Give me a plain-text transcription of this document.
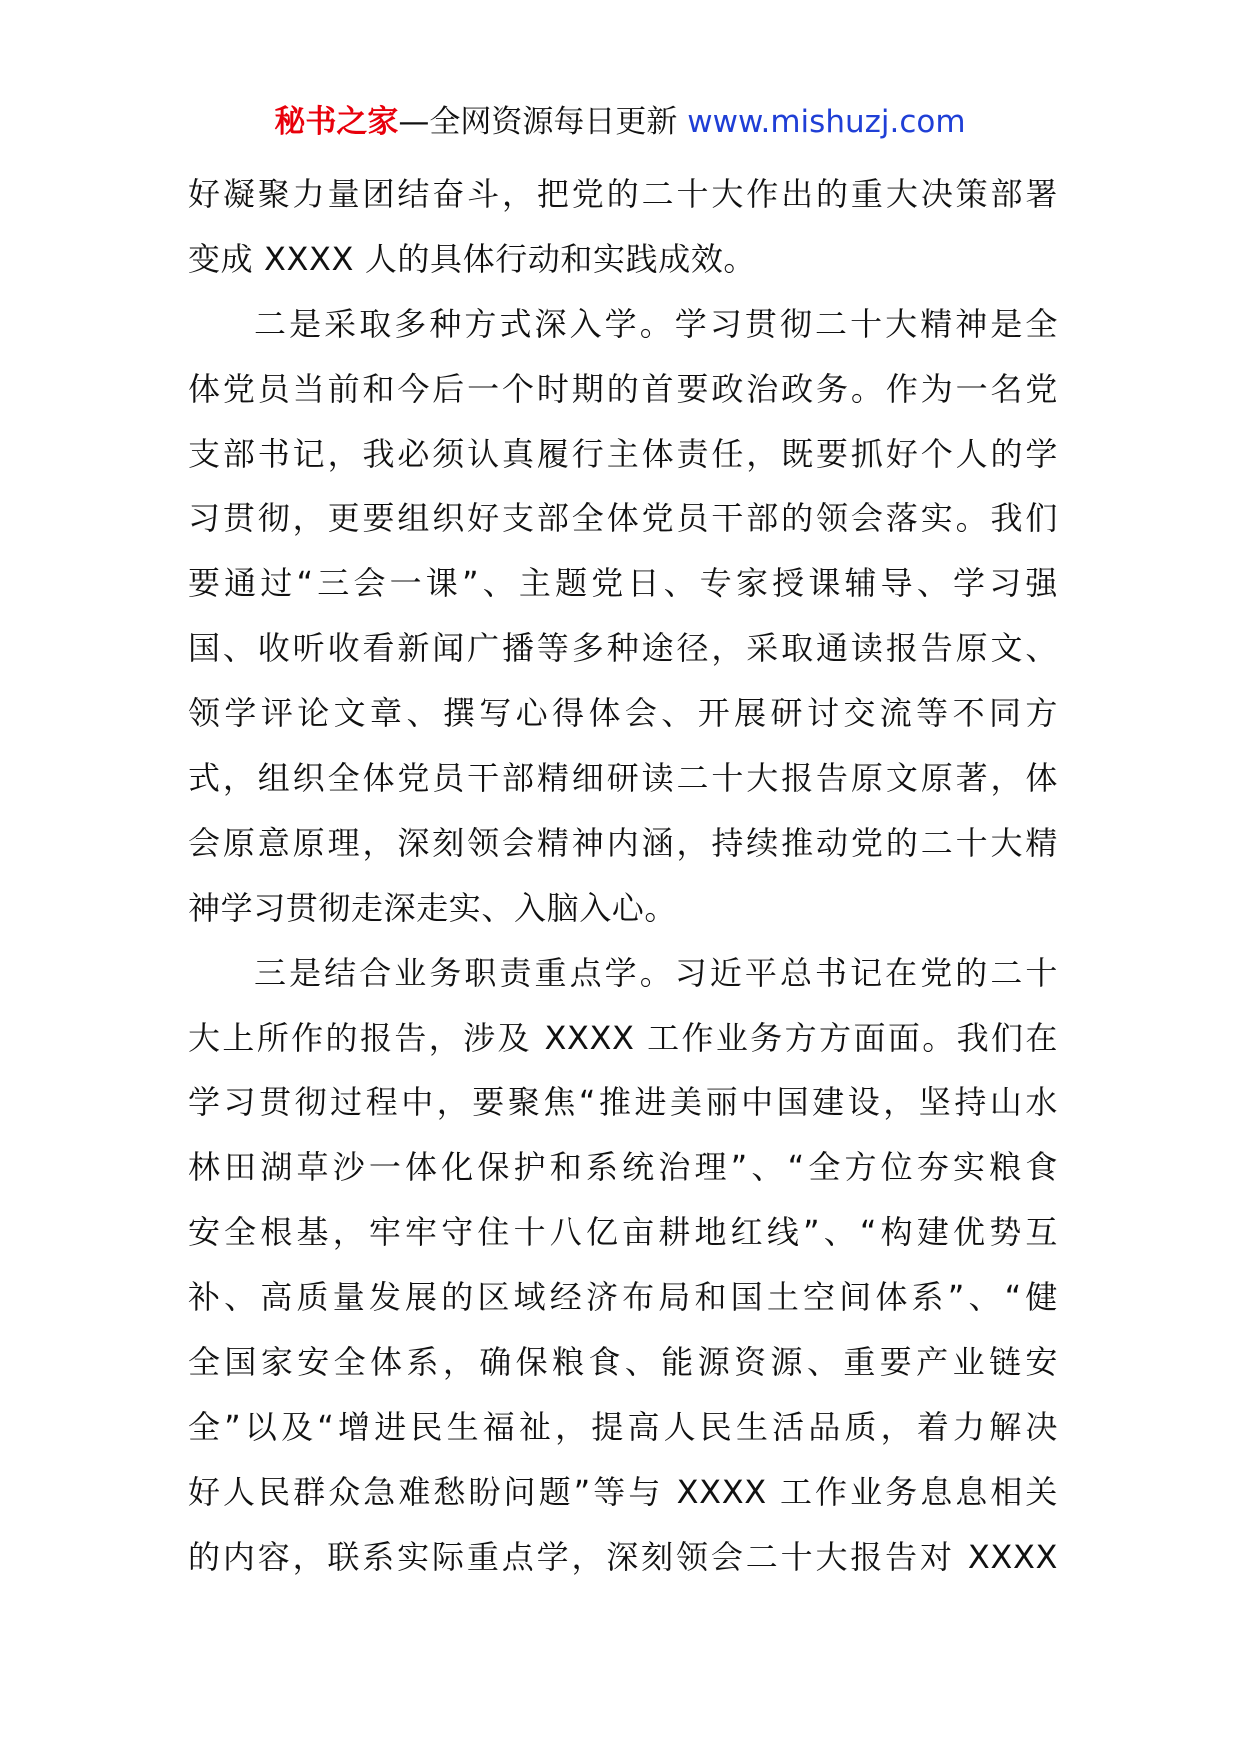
秘书之家—全网资源每日更新 www.mishuzj.com
好凝聚力量团结奋斗，把党的二十大作出的重大决策部署
变成 XXXX 人的具体行动和实践成效。
二是采取多种方式深入学。学习贯彻二十大精神是全
体党员当前和今后一个时期的首要政治政务。作为一名党
支部书记，我必须认真履行主体责任，既要抓好个人的学
习贯彻，更要组织好支部全体党员干部的领会落实。我们
要通过“三会一课”、主题党日、专家授课辅导、学习强
国、收听收看新闻广播等多种途径，采取通读报告原文、
领学评论文章、撰写心得体会、开展研讨交流等不同方
式，组织全体党员干部精细研读二十大报告原文原著，体
会原意原理，深刻领会精神内涵，持续推动党的二十大精
神学习贯彻走深走实、入脑入心。
三是结合业务职责重点学。习近平总书记在党的二十
大上所作的报告，涉及 XXXX 工作业务方方面面。我们在
学习贯彻过程中，要聚焦“推进美丽中国建设，坚持山水
林田湖草沙一体化保护和系统治理”、“全方位夯实粮食
安全根基，牢牢守住十八亿亩耕地红线”、“构建优势互
补、高质量发展的区域经济布局和国土空间体系”、“健
全国家安全体系，确保粮食、能源资源、重要产业链安
全”以及“增进民生福祉，提高人民生活品质，着力解决
好人民群众急难愁盼问题”等与 XXXX 工作业务息息相关
的内容，联系实际重点学，深刻领会二十大报告对 XXXX
